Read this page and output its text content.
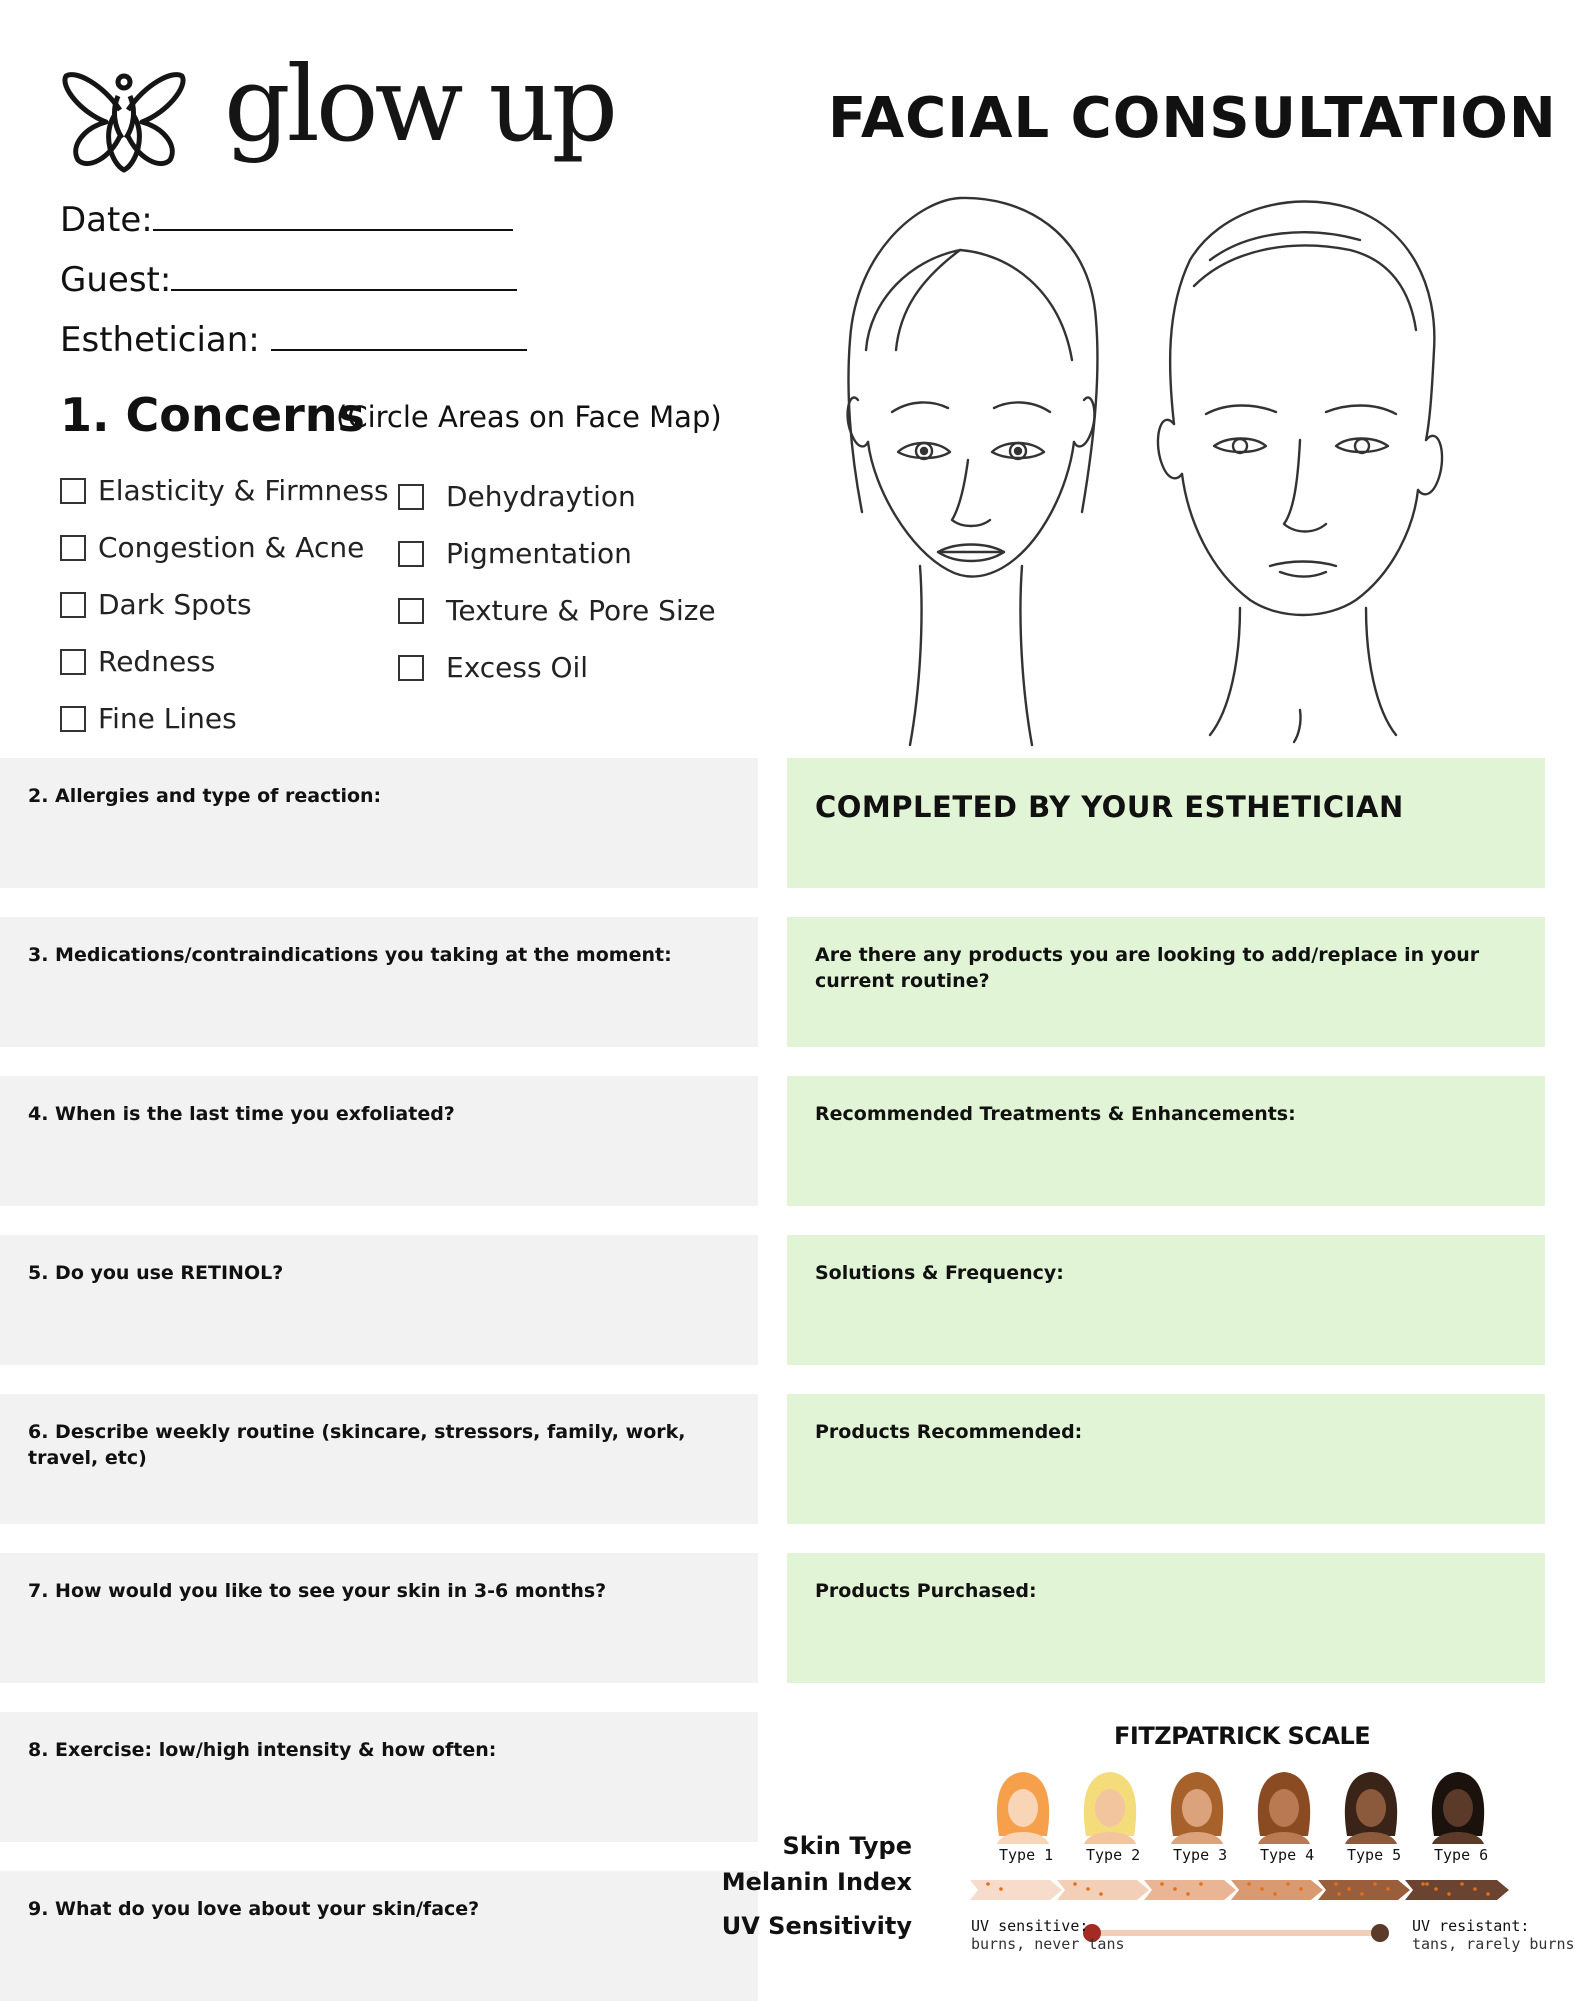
glow up	FACIAL CONSULTATION
Date:
Guest:
Esthetician:
1. Concerns
(Circle Areas on Face Map)
Elasticity & Firmness
Congestion & Acne
Dark Spots
Redness
Fine Lines
Dehydraytion
Pigmentation
Texture & Pore Size
Excess Oil
2. Allergies and type of reaction:
3. Medications/contraindications you taking at the moment:
4. When is the last time you exfoliated?
5. Do you use RETINOL?
6. Describe weekly routine (skincare, stressors, family, work, travel, etc)
7. How would you like to see your skin in 3-6 months?
8. Exercise: low/high intensity & how often:
9. What do you love about your skin/face?
COMPLETED BY YOUR ESTHETICIAN
Are there any products you are looking to add/replace in your current routine?
Recommended Treatments & Enhancements:
Solutions & Frequency:
Products Recommended:
Products Purchased:
FITZPATRICK SCALE
Skin Type
Melanin Index
UV Sensitivity	UV sensitive:
burns, never tans
UV resistant:
tans, rarely burns
Type 1 Type 2 Type 3 Type 4 Type 5 Type 6
